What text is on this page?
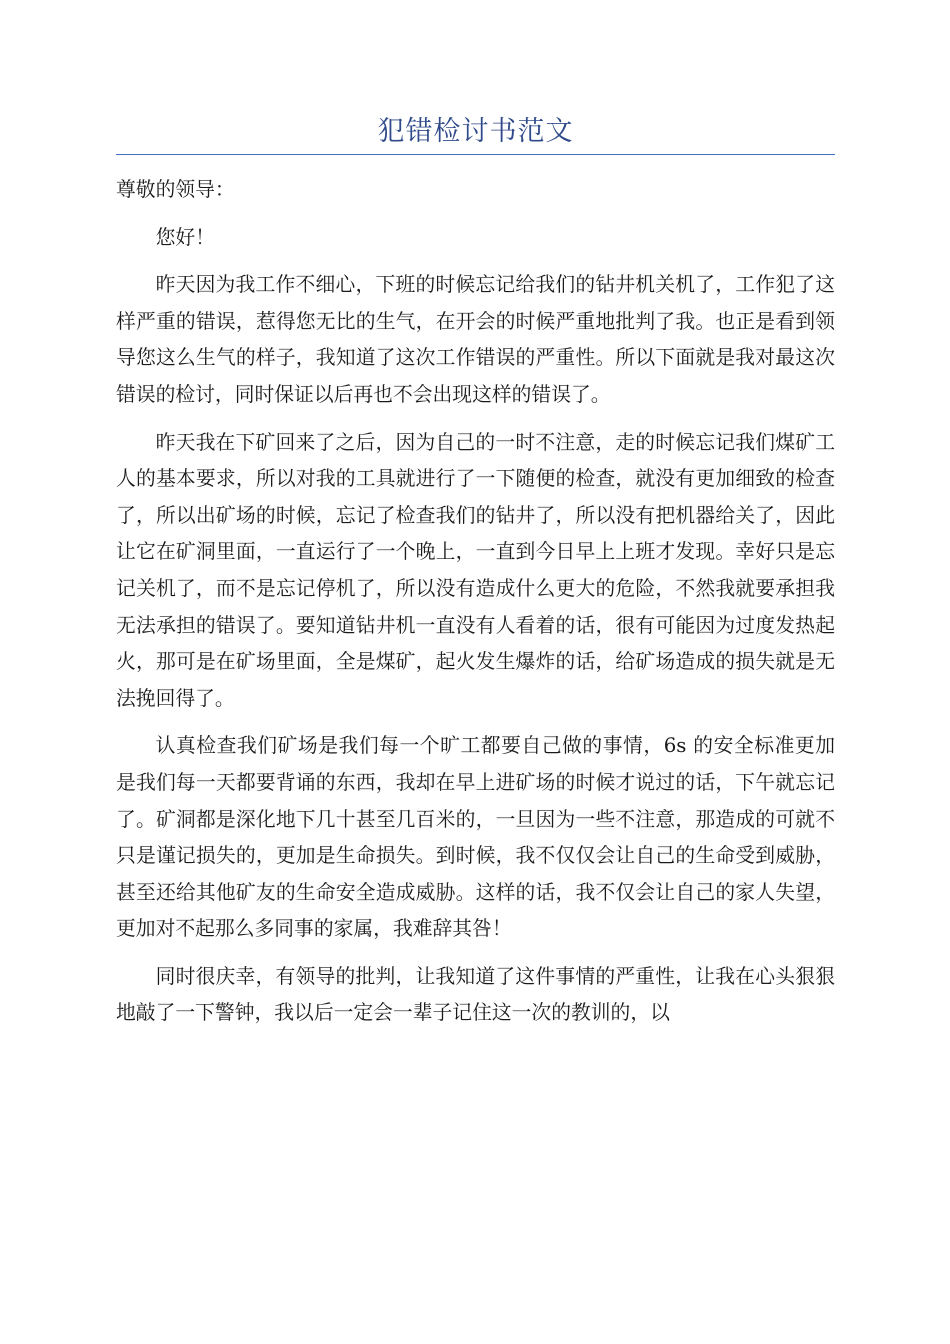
犯错检讨书范文

尊敬的领导：

您好！

昨天因为我工作不细心，下班的时候忘记给我们的钻井机关机了，工作犯了这样严重的错误，惹得您无比的生气，在开会的时候严重地批判了我。也正是看到领导您这么生气的样子，我知道了这次工作错误的严重性。所以下面就是我对最这次错误的检讨，同时保证以后再也不会出现这样的错误了。

昨天我在下矿回来了之后，因为自己的一时不注意，走的时候忘记我们煤矿工人的基本要求，所以对我的工具就进行了一下随便的检查，就没有更加细致的检查了，所以出矿场的时候，忘记了检查我们的钻井了，所以没有把机器给关了，因此让它在矿洞里面，一直运行了一个晚上，一直到今日早上上班才发现。幸好只是忘记关机了，而不是忘记停机了，所以没有造成什么更大的危险，不然我就要承担我无法承担的错误了。要知道钻井机一直没有人看着的话，很有可能因为过度发热起火，那可是在矿场里面，全是煤矿，起火发生爆炸的话，给矿场造成的损失就是无法挽回得了。

认真检查我们矿场是我们每一个旷工都要自己做的事情，6s 的安全标准更加是我们每一天都要背诵的东西，我却在早上进矿场的时候才说过的话，下午就忘记了。矿洞都是深化地下几十甚至几百米的，一旦因为一些不注意，那造成的可就不只是谨记损失的，更加是生命损失。到时候，我不仅仅会让自己的生命受到威胁，甚至还给其他矿友的生命安全造成威胁。这样的话，我不仅会让自己的家人失望，更加对不起那么多同事的家属，我难辞其咎！

同时很庆幸，有领导的批判，让我知道了这件事情的严重性，让我在心头狠狠地敲了一下警钟，我以后一定会一辈子记住这一次的教训的，以
